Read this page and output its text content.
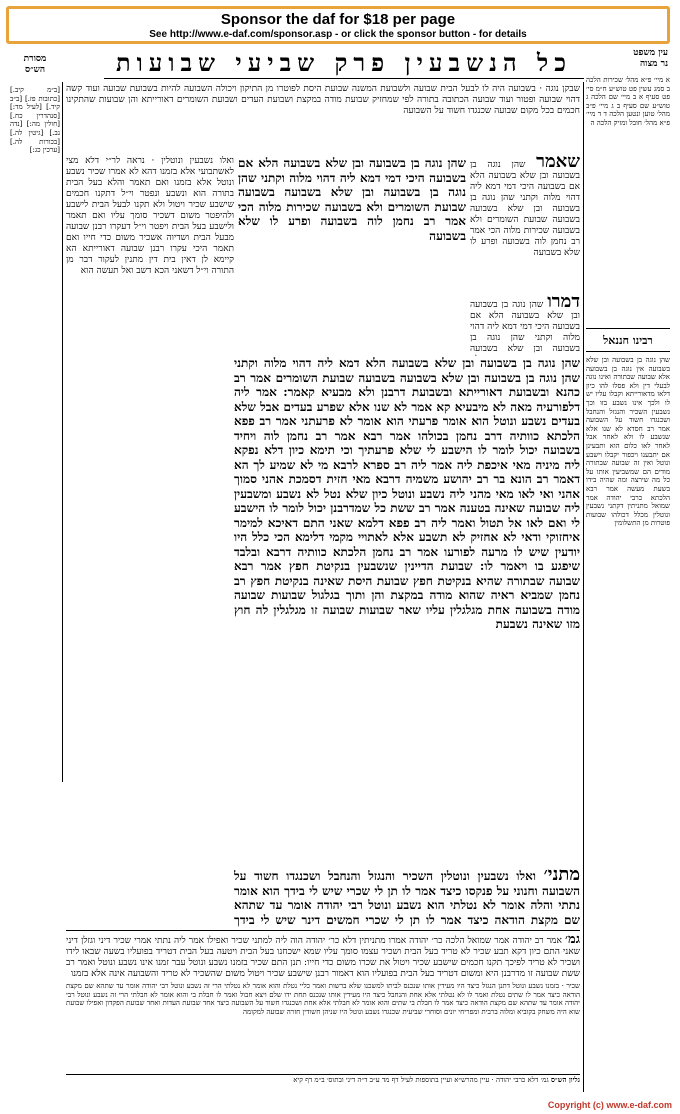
Sponsor the daf for $18 per page
See http://www.e-daf.com/sponsor.asp - or click the sponsor button - for details
כל הנשבעין פרק שביעי שבועות	עין משפט
נר מצוה
מסורת
הש״ס
א מיי׳ פ״א מהל׳ שכירות הלכה ב סמג עשין פט טוש״ע ח״מ סי׳ פט סעיף א ב מיי׳ שם הלכה ג טוש״ע שם סעיף ב ג מיי׳ פ״ב מהל׳ טוען ונטען הלכה ד ד מיי׳ פ״א מהל׳ חובל ומזיק הלכה ה
רבינו חננאל
שהן נוגה בן בשבועה ובן שלא בשבועה אין נוגה בן בשבועה אלא שבועה שבתורה ואינו נוגה לבעלי דין ולא פסלו להו כיון דלאו מדאורייתא וקבלו עליו יש לו ולכך אינו נשבע בזו וכך נשבעין השכיר והנגזל והנחבל ושכנגדו חשוד על השבועה אמר רב חסדא לא שנו אלא שנשבע לו ולא לאחר אבל לאחר לאו כלום הוא ותבעינן אם יתבענו ויכפור יקבלו וישבע ונוטל ואין זה שבועה שבתורה מודים הם שמשביעין אותו על כל מה שירצה ומה שהיה בידו בשעת מעשה אמר רבא הלכתא כרבי יהודה אמר שמואל מתניתין דקתני נשבעין ונוטלין מכלל דכולהו שבועות פוטרות מן התשלומין
[ב״מ קיב.] [כתובות פז.] [ב״ב קיד.] [לעיל מד:] [סנהדרין כח.] [חולין מה:] [נדה נב.] [גיטין לה.] [בכורות לה.] [ערכין כג:]
שבקן נוגה · בשבועה היה לו לבעל הבית שבועה ולשבועת המשנה שבועת היסת לפוטרו מן התיקון ויכולה השבועה להיות בשבועת שבועה ועוד קשה דהוי שבועה ופטור ועוד שבועה הכתובה בתורה לפי שמחזיק שבועת מודה במקצת ושבועת העדים ושבועת השומרים דאורייתא והן שבועות שהתקינו חכמים בכל מקום שבועה שכנגדו חשוד על השבועה
שאמר שהן נוגה בן בשבועה ובן שלא בשבועה הלא אם בשבועה היכי דמי דמא ליה דהוי מלוה וקתני שהן נוגה בן בשבועה ובן שלא בשבועה בשבועה שבועת השומרים ולא בשבועה שכירות מלוה הכי אמר רב נחמן לוה בשבועה ופרע לו שלא בשבועה
דמרו שהן נוגה בן בשבועה ובן שלא בשבועה הלא אם בשבועה היכי דמי דמא ליה דהוי מלוה וקתני שהן נוגה בן בשבועה ובן שלא בשבועה
שהן נוגה בן בשבועה ובן שלא בשבועה הלא אם בשבועה היכי דמי דמא ליה דהוי מלוה וקתני שהן נוגה בן בשבועה ובן שלא בשבועה בשבועה שבועת השומרים ולא בשבועה שכירות מלוה הכי אמר רב נחמן לוה בשבועה ופרע לו שלא בשבועה
ואלו נשבעין ונוטלין · נראה לר״י דלא מצי לאשתבועי אלא בזמנו דהא לא אמרו שכיר נשבע ונוטל אלא בזמנו ואם תאמר והלא בעל הבית בתורה הוא ונשבע ונפטר וי״ל דתקנו חכמים שישבע שכיר ויטול ולא תקנו לבעל הבית לישבע ולהיפטר משום דשכיר סומך עליו ואם תאמר ולישבע בעל הבית ויפטר וי״ל דעקרו רבנן שבועה מבעל הבית ושדיוה אשכיר משום כדי חייו ואם תאמר היכי עקרו רבנן שבועה דאורייתא הא קיימא לן דאין בית דין מתנין לעקור דבר מן התורה וי״ל דשאני הכא דשב ואל תעשה הוא
שהן נוגה בן בשבועה ובן שלא בשבועה הלא דמא ליה דהוי מלוה וקתני שהן נוגה בן בשבועה ובן שלא בשבועה בשבועה שבועת השומרים אמר רב כהנא ובשבועת דאורייתא ובשבועת דרבנן ולא מבעיא קאמר: אמר ליה דלפורעיה מאה לא מיבעיא קא אמר לא שנו אלא שפרע בעדים אבל שלא בעדים נשבע ונוטל הוא אומר פרעתי הוא אומר לא פרעתני אמר רב פפא הלכתא כוותיה דרב נחמן בכולהו אמר רבא אמר רב נחמן לוה ויחיד בשבועה יכול לומר לו הישבע לי שלא פרעתיך וכי תימא כיון דלא נפקא ליה מיניה מאי איכפת ליה אמר ליה רב ספרא לרבא מי לא שמיע לך הא דאמר רב הונא בר רב יהושע משמיה דרבא מאי חזית דסמכת אהני סמוך אהני ואי לאו מאי מהני ליה נשבע ונוטל כיון שלא נטל לא נשבע ומשבעין ליה שבועה שאינה בטענה אמר רב ששת כל שמדרבנן יכול לומר לו הישבע לי ואם לאו אל תטול ואמר ליה רב פפא דלמא שאני התם דאיכא למימר איחזוקי ודאי לא אחזיק לא תשבע אלא לאתויי מקמי דלימא הכי כלל היו יודעין שיש לו מרעה לפורעו אמר רב נחמן הלכתא כוותיה דרבא ובלבד שיפגע בו ויאמר לו: שבועת הדיינין שנשבעין בנקיטת חפץ אמר רבא שבועה שבתורה שהיא בנקיטת חפץ שבועת היסת שאינה בנקיטת חפץ רב נחמן שמביא ראיה שהוא מודה במקצת והן ותוך בגלגול שבועות שבועה מודה בשבועה אחת מגלגלין עליו שאר שבועות שבועה זו מגלגלין לה חוץ מזו שאינה נשבעת
מתני׳ ואלו נשבעין ונוטלין השכיר והנגזל והנחבל ושכנגדו חשוד על השבועה וחנוני על פנקסו כיצד אמר לו תן לי שכרי שיש לי בידך הוא אומר נתתי והלה אומר לא נטלתי הוא נשבע ונוטל רבי יהודה אומר עד שתהא שם מקצת הודאה כיצד אמר לו תן לי שכרי חמשים דינר שיש לי בידך
גמ׳ אמר רב יהודה אמר שמואל הלכה כר׳ יהודה אמרו מתניתין דלא כר׳ יהודה הוה ליה למתני שכיר ואפילו אמר ליה נתתי אמרי שכיר דיני וגזלן דיני שאני התם כיון דקא תבע שכיר לא טריד בעל הבית ושכיר עצמו סומך עליו שמא ישכחנו בעל הבית ויטעה בעל הבית דטריד בפועליו בשעה שבאו לידו ושכיר לא טריד לפיכך תקנו חכמים שישבע שכיר ויטול את שכרו משום כדי חייו: תנן התם שכיר בזמנו נשבע ונוטל עבר זמנו אינו נשבע ונוטל ואמר רב ששת שבועה זו מדרבנן היא ומשום דטריד בעל הבית בפועליו הוא דאמור רבנן שישבע שכיר ויטול משום שהשכיר לא טריד והשבועה אינה אלא בזמנו
שכיר · בזמנו נשבע ונוטל דתנן הנגזל כיצד היו מעידין אותו שנכנס לביתו למשכנו שלא ברשות ואמר כליי נטלת והוא אומר לא נטלתי הרי זה נשבע ונוטל רבי יהודה אומר עד שתהא שם מקצת הודאה כיצד אמר לו שתים נטלת ואמר לו לא נטלתי אלא אחת והנחבל כיצד היו מעידין אותו שנכנס תחת ידו שלם ויצא חבול ואמר לו חבלת בי והוא אומר לא חבלתי הרי זה נשבע ונוטל רבי יהודה אומר עד שתהא שם מקצת הודאה כיצד אמר לו חבלת בי שתים והוא אומר לא חבלתי אלא אחת ושכנגדו חשוד על השבועה כיצד אחד שבועת העדות ואחד שבועת הפקדון ואפילו שבועת שוא היה משחק בקוביא ומלוה ברבית ומפריחי יונים וסוחרי שביעית שכנגדו נשבע ונוטל היו שניהן חשודין חזרה שבועה למקומה
גליון הש״ס גמ׳ דלא כרבי יהודה · עיין מהרש״א ועיין בתוספות לעיל דף מד ע״ב ד״ה דיני ובתוס׳ ב״מ דף קיא
Copyright (c) www.e-daf.com
